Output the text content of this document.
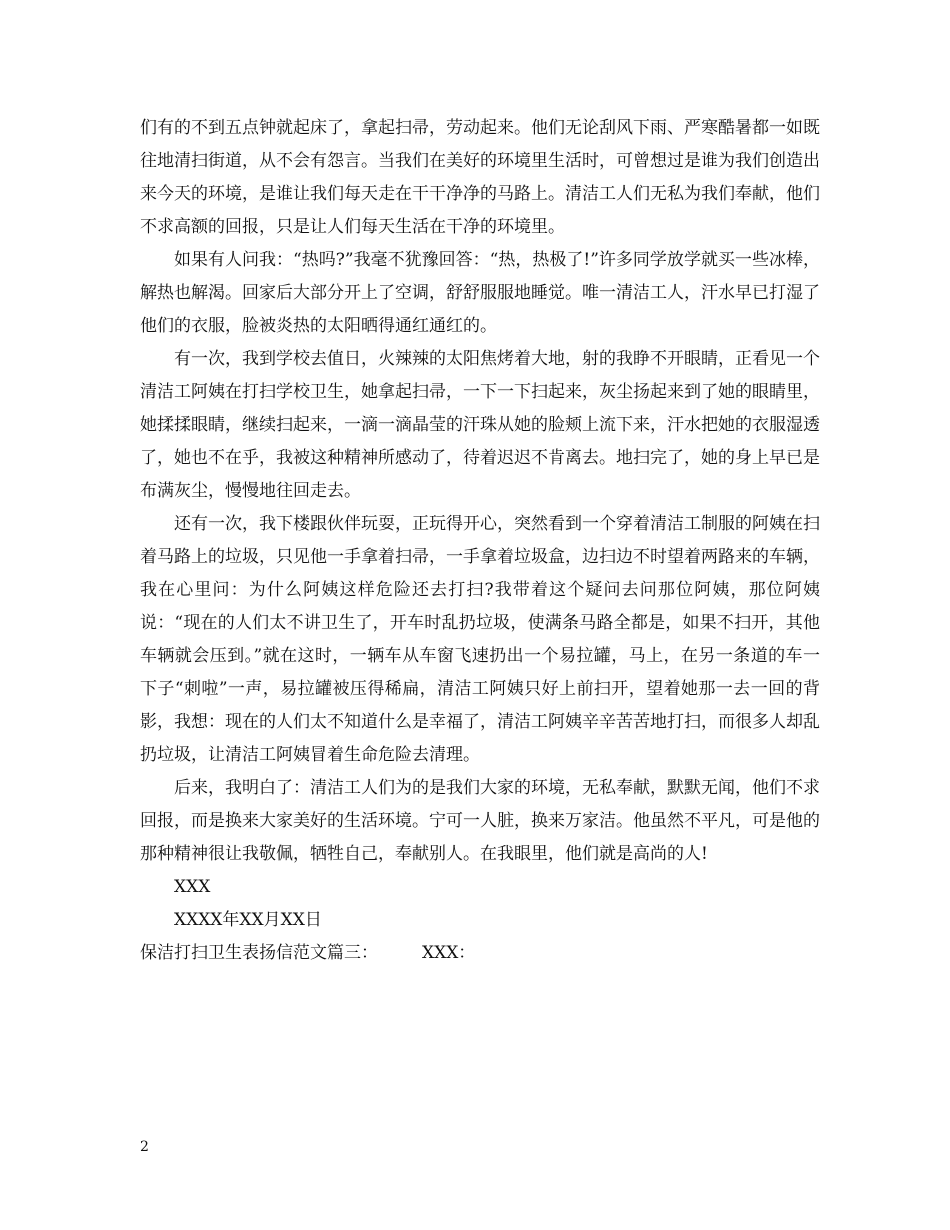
们有的不到五点钟就起床了，拿起扫帚，劳动起来。他们无论刮风下雨、严寒酷暑都一如既往地清扫街道，从不会有怨言。当我们在美好的环境里生活时，可曾想过是谁为我们创造出来今天的环境，是谁让我们每天走在干干净净的马路上。清洁工人们无私为我们奉献，他们不求高额的回报，只是让人们每天生活在干净的环境里。

如果有人问我：“热吗?”我毫不犹豫回答：“热，热极了!”许多同学放学就买一些冰棒，解热也解渴。回家后大部分开上了空调，舒舒服服地睡觉。唯一清洁工人，汗水早已打湿了他们的衣服，脸被炎热的太阳晒得通红通红的。

有一次，我到学校去值日，火辣辣的太阳焦烤着大地，射的我睁不开眼睛，正看见一个清洁工阿姨在打扫学校卫生，她拿起扫帚，一下一下扫起来，灰尘扬起来到了她的眼睛里，她揉揉眼睛，继续扫起来，一滴一滴晶莹的汗珠从她的脸颊上流下来，汗水把她的衣服湿透了，她也不在乎，我被这种精神所感动了，待着迟迟不肯离去。地扫完了，她的身上早已是布满灰尘，慢慢地往回走去。

还有一次，我下楼跟伙伴玩耍，正玩得开心，突然看到一个穿着清洁工制服的阿姨在扫着马路上的垃圾，只见他一手拿着扫帚，一手拿着垃圾盒，边扫边不时望着两路来的车辆，我在心里问：为什么阿姨这样危险还去打扫?我带着这个疑问去问那位阿姨，那位阿姨说：“现在的人们太不讲卫生了，开车时乱扔垃圾，使满条马路全都是，如果不扫开，其他车辆就会压到。”就在这时，一辆车从车窗飞速扔出一个易拉罐，马上，在另一条道的车一下子“刺啦”一声，易拉罐被压得稀扁，清洁工阿姨只好上前扫开，望着她那一去一回的背影，我想：现在的人们太不知道什么是幸福了，清洁工阿姨辛辛苦苦地打扫，而很多人却乱扔垃圾，让清洁工阿姨冒着生命危险去清理。

后来，我明白了：清洁工人们为的是我们大家的环境，无私奉献，默默无闻，他们不求回报，而是换来大家美好的生活环境。宁可一人脏，换来万家洁。他虽然不平凡，可是他的那种精神很让我敬佩，牺牲自己，奉献别人。在我眼里，他们就是高尚的人!

XXX

XXXX年XX月XX日

保洁打扫卫生表扬信范文篇三：	XXX：

2
